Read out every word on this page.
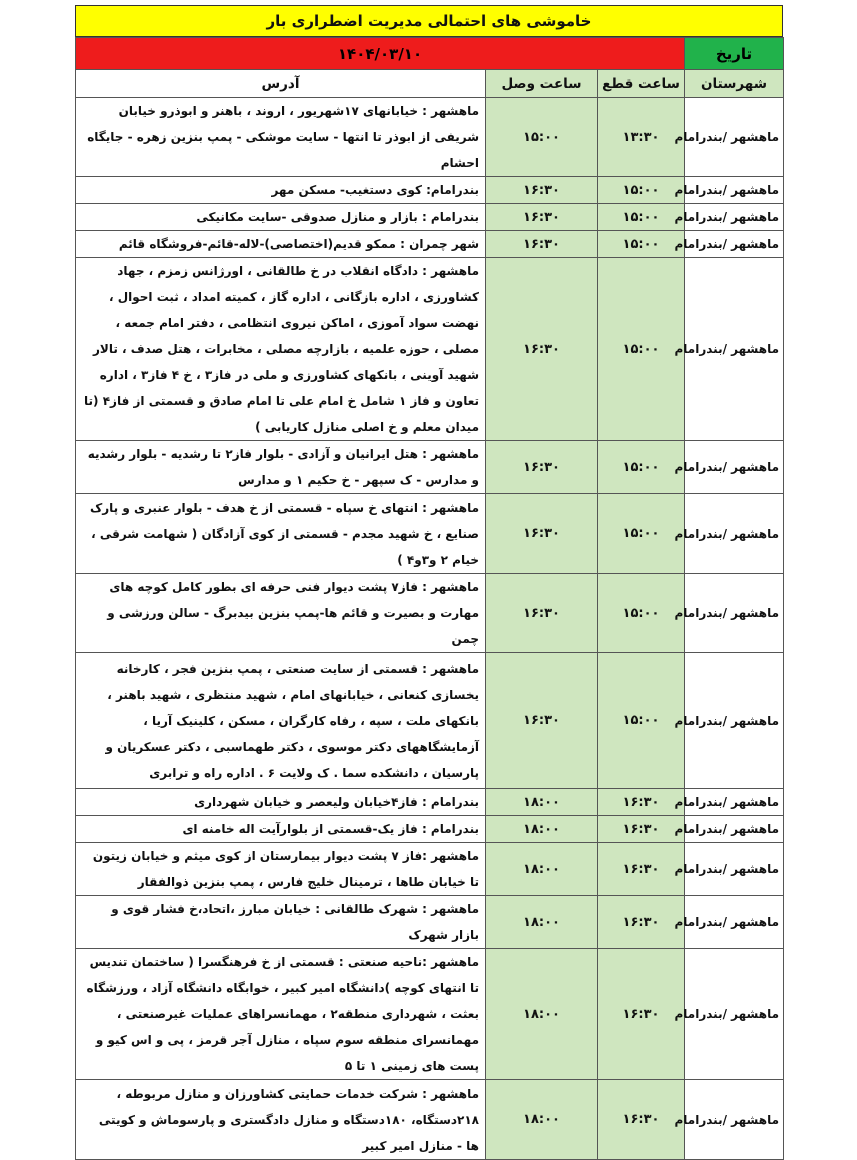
خاموشی های احتمالی مدیریت اضطراری بار
تاریخ	۱۴۰۴/۰۳/۱۰		
شهرستان	ساعت قطع	ساعت وصل	آدرس
ماهشهر /بندرامام	۱۳:۳۰	۱۵:۰۰	ماهشهر : خیابانهای ۱۷شهریور ، اروند ، باهنر و ابوذرو خیابان شریفی از ابوذر تا انتها - سایت موشکی - پمپ بنزین زهره - جایگاه احشام
ماهشهر /بندرامام	۱۵:۰۰	۱۶:۳۰	بندرامام: کوی دستغیب- مسکن مهر
ماهشهر /بندرامام	۱۵:۰۰	۱۶:۳۰	بندرامام : بازار و منازل صدوقی -سایت مکانیکی
ماهشهر /بندرامام	۱۵:۰۰	۱۶:۳۰	شهر چمران : ممکو قدیم(اختصاصی)-لاله-قائم-فروشگاه قائم
ماهشهر /بندرامام	۱۵:۰۰	۱۶:۳۰	ماهشهر : دادگاه انقلاب در خ طالقانی ، اورژانس زمزم ، جهاد کشاورزی ، اداره بازگانی ، اداره گاز ، کمیته امداد ، ثبت احوال ، نهضت سواد آموزی ، اماکن نیروی انتظامی ، دفتر امام جمعه ، مصلی ، حوزه علمیه ، بازارچه مصلی ، مخابرات ، هتل صدف ، تالار شهید آوینی ، بانکهای کشاورزی و ملی در فاز۳ ، خ ۴ فاز۳ ، اداره تعاون و فاز ۱ شامل خ امام علی تا امام صادق و قسمتی از فاز۴ (تا میدان معلم و خ اصلی منازل کاریابی )
ماهشهر /بندرامام	۱۵:۰۰	۱۶:۳۰	ماهشهر : هتل ایرانیان و آزادی - بلوار فاز۲ تا رشدیه - بلوار رشدیه و مدارس - ک سپهر - خ حکیم ۱ و مدارس
ماهشهر /بندرامام	۱۵:۰۰	۱۶:۳۰	ماهشهر : انتهای خ سپاه - قسمتی از خ هدف - بلوار عنبری و پارک صنایع ، خ شهید مجدم - قسمتی از کوی آزادگان ( شهامت شرقی ، خیام ۲ و۳و۴ )
ماهشهر /بندرامام	۱۵:۰۰	۱۶:۳۰	ماهشهر : فاز۷ پشت دیوار فنی حرفه ای بطور کامل کوچه های مهارت و بصیرت و قائم ها-پمپ بنزین بیدبرگ - سالن ورزشی و چمن
ماهشهر /بندرامام	۱۵:۰۰	۱۶:۳۰	ماهشهر : قسمتی از سایت صنعتی ، پمپ بنزین فجر ، کارخانه یخسازی کنعانی ، خیابانهای امام ، شهید منتظری ، شهید باهنر ، بانکهای ملت ، سپه ، رفاه کارگران ، مسکن ، کلینیک آریا ، آزمایشگاههای دکتر موسوی ، دکتر طهماسبی ، دکتر عسکریان و پارسیان ، دانشکده سما . ک ولایت ۶ . اداره راه و ترابری
ماهشهر /بندرامام	۱۶:۳۰	۱۸:۰۰	بندرامام : فاز۴خیابان ولیعصر و خیابان شهرداری
ماهشهر /بندرامام	۱۶:۳۰	۱۸:۰۰	بندرامام : فاز یک-قسمتی از بلوارآیت اله خامنه ای
ماهشهر /بندرامام	۱۶:۳۰	۱۸:۰۰	ماهشهر :فاز ۷ پشت دیوار بیمارستان از کوی میثم و خیابان زیتون تا خیابان طاها ، ترمینال خلیج فارس ، پمپ بنزین ذوالفقار
ماهشهر /بندرامام	۱۶:۳۰	۱۸:۰۰	ماهشهر : شهرک طالقانی : خیابان مبارز ،اتحاد،خ فشار قوی و بازار شهرک
ماهشهر /بندرامام	۱۶:۳۰	۱۸:۰۰	ماهشهر :ناحیه صنعتی : قسمتی از خ فرهنگسرا ( ساختمان تندیس تا انتهای کوچه )دانشگاه امیر کبیر ، خوابگاه دانشگاه آزاد ، ورزشگاه بعثت ، شهرداری منطقه۲ ، مهمانسراهای عملیات غیرصنعتی ، مهمانسرای منطقه سوم سپاه ، منازل آجر قرمز ، پی و اس کیو و پست های زمینی ۱ تا ۵
ماهشهر /بندرامام	۱۶:۳۰	۱۸:۰۰	ماهشهر : شرکت خدمات حمایتی کشاورزان و منازل مربوطه ، ۲۱۸دستگاه، ۱۸۰دستگاه و منازل دادگستری و پارسوماش و کویتی ها - منازل امیر کبیر
